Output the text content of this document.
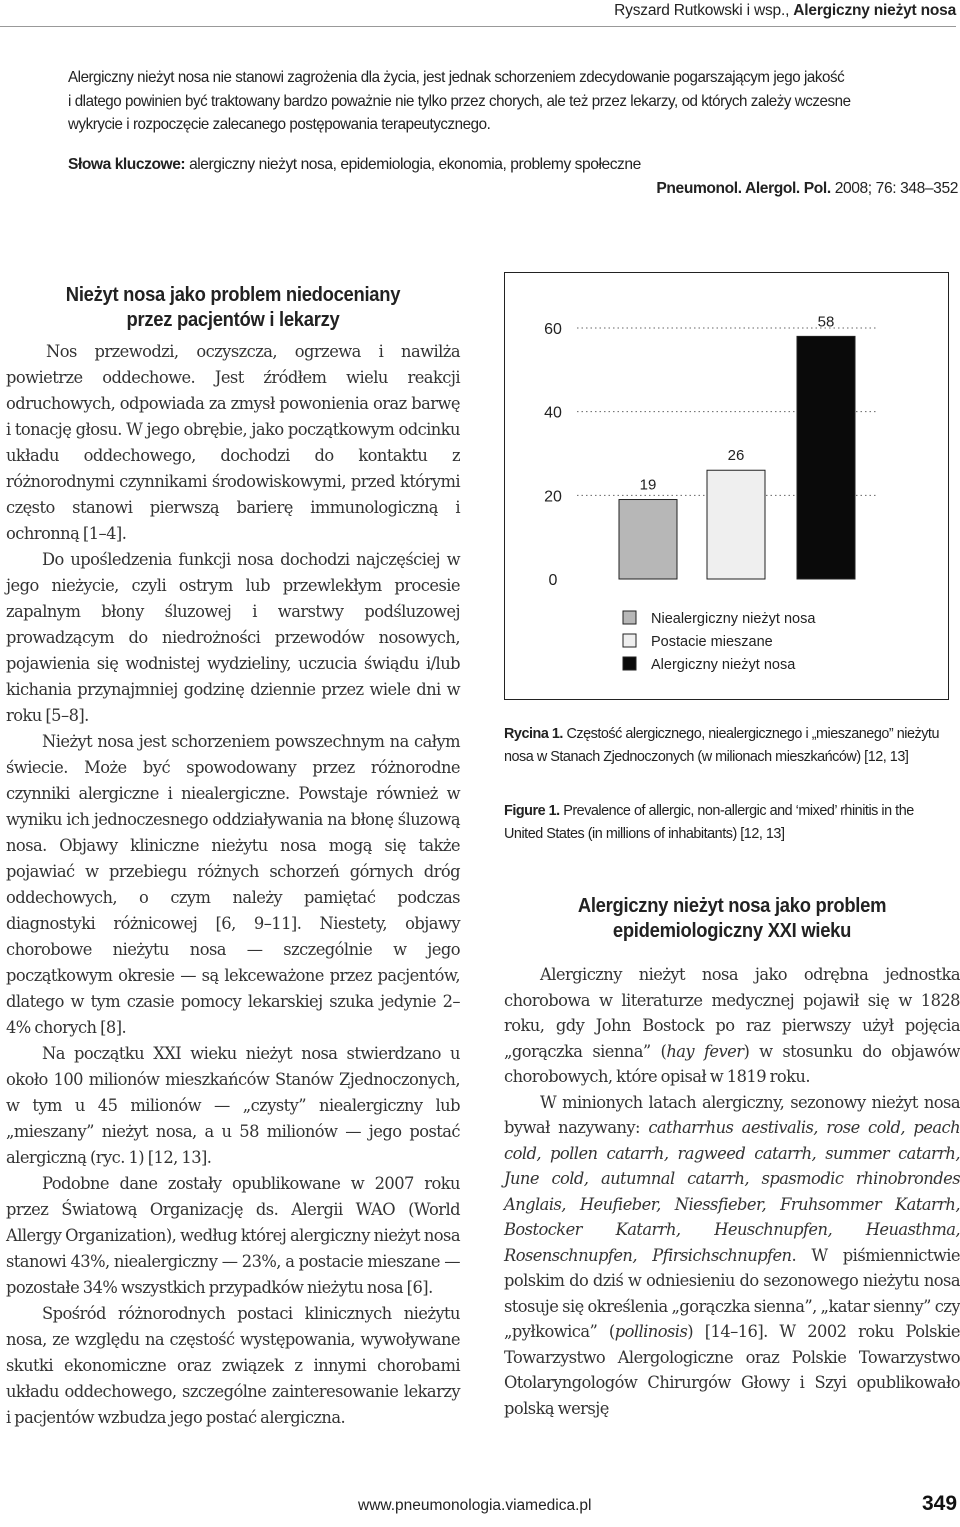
Ryszard Rutkowski i wsp., Alergiczny nieżyt nosa
Alergiczny nieżyt nosa nie stanowi zagrożenia dla życia, jest jednak schorzeniem zdecydowanie pogarszającym jego jakość
i dlatego powinien być traktowany bardzo poważnie nie tylko przez chorych, ale też przez lekarzy, od których zależy wczesne
wykrycie i rozpoczęcie zalecanego postępowania terapeutycznego.
Słowa kluczowe: alergiczny nieżyt nosa, epidemiologia, ekonomia, problemy społeczne
Pneumonol. Alergol. Pol. 2008; 76: 348–352
Nieżyt nosa jako problem niedoceniany
przez pacjentów i lekarzy

Nos przewodzi, oczyszcza, ogrzewa i nawilża powietrze oddechowe. Jest źródłem wielu reakcji odruchowych, odpowiada za zmysł powonienia oraz barwę i tonację głosu. W jego obrębie, jako początkowym odcinku układu oddechowego, dochodzi do kontaktu z różnorodnymi czynnikami środowiskowymi, przed którymi często stanowi pierwszą barierę immunologiczną i ochronną [1–4].

Do upośledzenia funkcji nosa dochodzi najczęściej w jego nieżycie, czyli ostrym lub przewlekłym procesie zapalnym błony śluzowej i warstwy podśluzowej prowadzącym do niedrożności przewodów nosowych, pojawienia się wodnistej wydzieliny, uczucia świądu i/lub kichania przynajmniej godzinę dziennie przez wiele dni w roku [5–8].

Nieżyt nosa jest schorzeniem powszechnym na całym świecie. Może być spowodowany przez różnorodne czynniki alergiczne i niealergiczne. Powstaje również w wyniku ich jednoczesnego oddziaływania na błonę śluzową nosa. Objawy kliniczne nieżytu nosa mogą się także pojawiać w przebiegu różnych schorzeń górnych dróg oddechowych, o czym należy pamiętać podczas diagnostyki różnicowej [6, 9–11]. Niestety, objawy chorobowe nieżytu nosa — szczególnie w jego początkowym okresie — są lekceważone przez pacjentów, dlatego w tym czasie pomocy lekarskiej szuka jedynie 2–4% chorych [8].

Na początku XXI wieku nieżyt nosa stwierdzano u około 100 milionów mieszkańców Stanów Zjednoczonych, w tym u 45 milionów — „czysty” niealergiczny lub „mieszany” nieżyt nosa, a u 58 milionów — jego postać alergiczną (ryc. 1) [12, 13].

Podobne dane zostały opublikowane w 2007 roku przez Światową Organizację ds. Alergii WAO (World Allergy Organization), według której alergiczny nieżyt nosa stanowi 43%, niealergiczny — 23%, a postacie mieszane — pozostałe 34% wszystkich przypadków nieżytu nosa [6].

Spośród różnorodnych postaci klinicznych nieżytu nosa, ze względu na częstość występowania, wywoływane skutki ekonomiczne oraz związek z innymi chorobami układu oddechowego, szczególne zainteresowanie lekarzy i pacjentów wzbudza jego postać alergiczna.

0
20
40
60
19
26
58
Niealergiczny nieżyt nosa
Postacie mieszane
Alergiczny nieżyt nosa
Rycina 1. Częstość alergicznego, niealergicznego i „mieszanego” nieżytu nosa w Stanach Zjednoczonych (w milionach mieszkańców) [12, 13]
Figure 1. Prevalence of allergic, non-allergic and ‘mixed’ rhinitis in the United States (in millions of inhabitants) [12, 13]
Alergiczny nieżyt nosa jako problem
epidemiologiczny XXI wieku

Alergiczny nieżyt nosa jako odrębna jednostka chorobowa w literaturze medycznej pojawił się w 1828 roku, gdy John Bostock po raz pierwszy użył pojęcia „gorączka sienna” (hay fever) w stosunku do objawów chorobowych, które opisał w 1819 roku.

W minionych latach alergiczny, sezonowy nieżyt nosa bywał nazywany: catharrhus aestivalis, rose cold, peach cold, pollen catarrh, ragweed catarrh, summer catarrh, June cold, autumnal catarrh, spasmodic rhinobrondes Anglais, Heufieber, Niessfieber, Fruhsommer Katarrh, Bostocker Katarrh, Heuschnupfen, Heuasthma, Rosenschnupfen, Pfirsichschnupfen. W piśmiennictwie polskim do dziś w odniesieniu do sezonowego nieżytu nosa stosuje się określenia „gorączka sienna”, „katar sienny” czy „pyłkowica” (pollinosis) [14–16]. W 2002 roku Polskie Towarzystwo Alergologiczne oraz Polskie Towarzystwo Otolaryngologów Chirurgów Głowy i Szyi opublikowało polską wersję

www.pneumonologia.viamedica.pl	349
